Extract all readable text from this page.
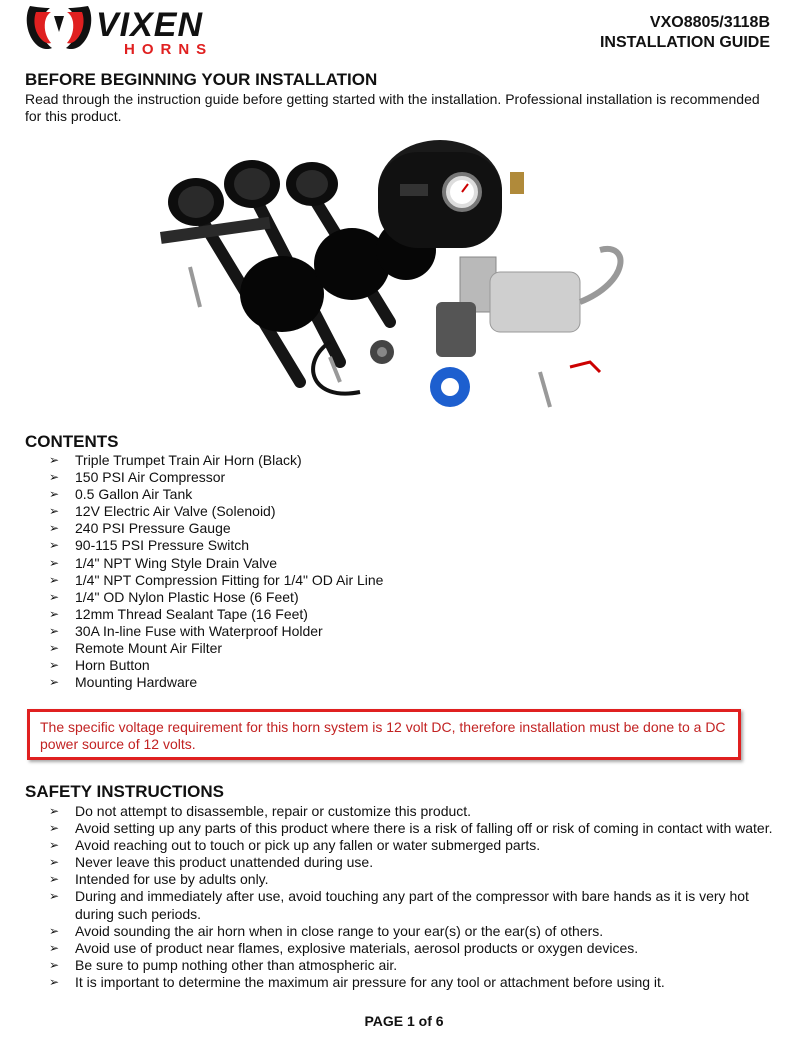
VIXEN
HORNS
VXO8805/3118B
INSTALLATION GUIDE
BEFORE BEGINNING YOUR INSTALLATION
Read through the instruction guide before getting started with the installation. Professional installation is recommended for this product.
CONTENTS
➢ Triple Trumpet Train Air Horn (Black)
➢ 150 PSI Air Compressor
➢ 0.5 Gallon Air Tank
➢ 12V Electric Air Valve (Solenoid)
➢ 240 PSI Pressure Gauge
➢ 90-115 PSI Pressure Switch
➢ 1/4" NPT Wing Style Drain Valve
➢ 1/4" NPT Compression Fitting for 1/4" OD Air Line
➢ 1/4" OD Nylon Plastic Hose (6 Feet)
➢ 12mm Thread Sealant Tape (16 Feet)
➢ 30A In-line Fuse with Waterproof Holder
➢ Remote Mount Air Filter
➢ Horn Button
➢ Mounting Hardware
The specific voltage requirement for this horn system is 12 volt DC, therefore installation must be done to a DC power source of 12 volts.
SAFETY INSTRUCTIONS
➢ Do not attempt to disassemble, repair or customize this product.
➢ Avoid setting up any parts of this product where there is a risk of falling off or risk of coming in contact with water.
➢ Avoid reaching out to touch or pick up any fallen or water submerged parts.
➢ Never leave this product unattended during use.
➢ Intended for use by adults only.
➢ During and immediately after use, avoid touching any part of the compressor with bare hands as it is very hot during such periods.
➢ Avoid sounding the air horn when in close range to your ear(s) or the ear(s) of others.
➢ Avoid use of product near flames, explosive materials, aerosol products or oxygen devices.
➢ Be sure to pump nothing other than atmospheric air.
➢ It is important to determine the maximum air pressure for any tool or attachment before using it.
PAGE 1 of 6
